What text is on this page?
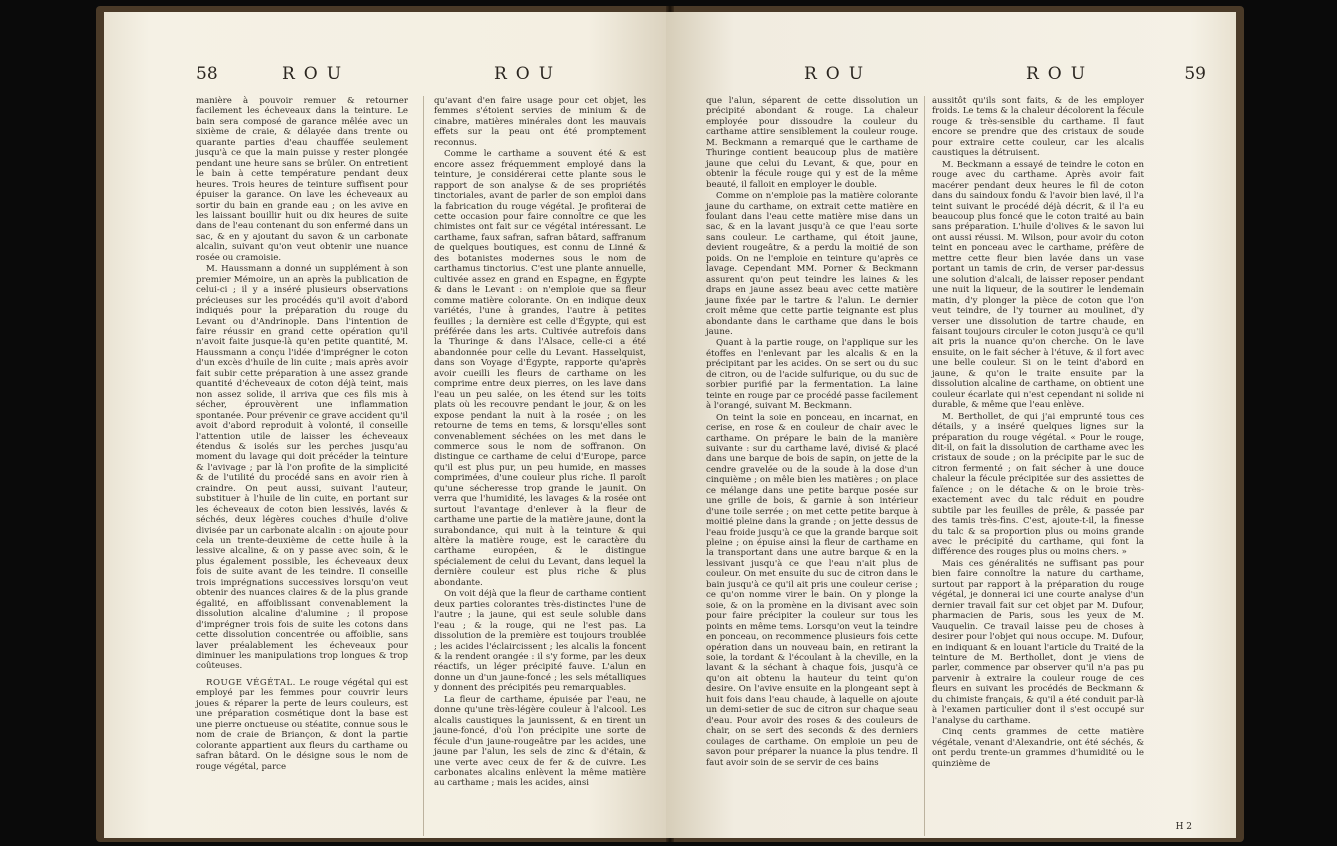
58	ROU	ROU

manière à pouvoir remuer & retourner facilement les écheveaux dans la teinture. Le bain sera composé de garance mêlée avec un sixième de craie, & délayée dans trente ou quarante parties d'eau chauffée seulement jusqu'à ce que la main puisse y rester plongée pendant une heure sans se brûler. On entretient le bain à cette température pendant deux heures. Trois heures de teinture suffisent pour épuiser la garance. On lave les écheveaux au sortir du bain en grande eau ; on les avive en les laissant bouillir huit ou dix heures de suite dans de l'eau contenant du son enfermé dans un sac, & en y ajoutant du savon & un carbonate alcalin, suivant qu'on veut obtenir une nuance rosée ou cramoisie.

M. Haussmann a donné un supplément à son premier Mémoire, un an après la publication de celui-ci ; il y a inséré plusieurs observations précieuses sur les procédés qu'il avoit d'abord indiqués pour la préparation du rouge du Levant ou d'Andrinople. Dans l'intention de faire réussir en grand cette opération qu'il n'avoit faite jusque-là qu'en petite quantité, M. Haussmann a conçu l'idée d'imprégner le coton d'un excès d'huile de lin cuite ; mais après avoir fait subir cette préparation à une assez grande quantité d'écheveaux de coton déjà teint, mais non assez solide, il arriva que ces fils mis à sécher, éprouvèrent une inflammation spontanée. Pour prévenir ce grave accident qu'il avoit d'abord reproduit à volonté, il conseille l'attention utile de laisser les écheveaux étendus & isolés sur les perches jusqu'au moment du lavage qui doit précéder la teinture & l'avivage ; par là l'on profite de la simplicité & de l'utilité du procédé sans en avoir rien à craindre. On peut aussi, suivant l'auteur, substituer à l'huile de lin cuite, en portant sur les écheveaux de coton bien lessivés, lavés & séchés, deux légères couches d'huile d'olive divisée par un carbonate alcalin : on ajoute pour cela un trente-deuxième de cette huile à la lessive alcaline, & on y passe avec soin, & le plus également possible, les écheveaux deux fois de suite avant de les teindre. Il conseille trois imprégnations successives lorsqu'on veut obtenir des nuances claires & de la plus grande égalité, en affoiblissant convenablement la dissolution alcaline d'alumine ; il propose d'imprégner trois fois de suite les cotons dans cette dissolution concentrée ou affoiblie, sans laver préalablement les écheveaux pour diminuer les manipulations trop longues & trop coûteuses.

ROUGE VÉGÉTAL. Le rouge végétal qui est employé par les femmes pour couvrir leurs joues & réparer la perte de leurs couleurs, est une préparation cosmétique dont la base est une pierre onctueuse ou stéatite, connue sous le nom de craie de Briançon, & dont la partie colorante appartient aux fleurs du carthame ou safran bâtard. On le désigne sous le nom de rouge végétal, parce

qu'avant d'en faire usage pour cet objet, les femmes s'étoient servies de minium & de cinabre, matières minérales dont les mauvais effets sur la peau ont été promptement reconnus.

Comme le carthame a souvent été & est encore assez fréquemment employé dans la teinture, je considérerai cette plante sous le rapport de son analyse & de ses propriétés tinctoriales, avant de parler de son emploi dans la fabrication du rouge végétal. Je profiterai de cette occasion pour faire connoître ce que les chimistes ont fait sur ce végétal intéressant. Le carthame, faux safran, safran bâtard, saffranum de quelques boutiques, est connu de Linné & des botanistes modernes sous le nom de carthamus tinctorius. C'est une plante annuelle, cultivée assez en grand en Espagne, en Égypte & dans le Levant : on n'emploie que sa fleur comme matière colorante. On en indique deux variétés, l'une à grandes, l'autre à petites feuilles ; la dernière est celle d'Égypte, qui est préférée dans les arts. Cultivée autrefois dans la Thuringe & dans l'Alsace, celle-ci a été abandonnée pour celle du Levant. Hasselquist, dans son Voyage d'Égypte, rapporte qu'après avoir cueilli les fleurs de carthame on les comprime entre deux pierres, on les lave dans l'eau un peu salée, on les étend sur les toits plats où les recouvre pendant le jour, & on les expose pendant la nuit à la rosée ; on les retourne de tems en tems, & lorsqu'elles sont convenablement séchées on les met dans le commerce sous le nom de soffranon. On distingue ce carthame de celui d'Europe, parce qu'il est plus pur, un peu humide, en masses comprimées, d'une couleur plus riche. Il paroît qu'une sécheresse trop grande le jaunit. On verra que l'humidité, les lavages & la rosée ont surtout l'avantage d'enlever à la fleur de carthame une partie de la matière jaune, dont la surabondance, qui nuit à la teinture & qui altère la matière rouge, est le caractère du carthame européen, & le distingue spécialement de celui du Levant, dans lequel la dernière couleur est plus riche & plus abondante.

On voit déjà que la fleur de carthame contient deux parties colorantes très-distinctes l'une de l'autre ; la jaune, qui est seule soluble dans l'eau ; & la rouge, qui ne l'est pas. La dissolution de la première est toujours troublée ; les acides l'éclaircissent ; les alcalis la foncent & la rendent orangée : il s'y forme, par les deux réactifs, un léger précipité fauve. L'alun en donne un d'un jaune-foncé ; les sels métalliques y donnent des précipités peu remarquables.

La fleur de carthame, épuisée par l'eau, ne donne qu'une très-légère couleur à l'alcool. Les alcalis caustiques la jaunissent, & en tirent un jaune-foncé, d'où l'on précipite une sorte de fécule d'un jaune-rougeâtre par les acides, une jaune par l'alun, les sels de zinc & d'étain, & une verte avec ceux de fer & de cuivre. Les carbonates alcalins enlèvent la même matière au carthame ; mais les acides, ainsi

ROU	ROU	59

que l'alun, séparent de cette dissolution un précipité abondant & rouge. La chaleur employée pour dissoudre la couleur du carthame attire sensiblement la couleur rouge. M. Beckmann a remarqué que le carthame de Thuringe contient beaucoup plus de matière jaune que celui du Levant, & que, pour en obtenir la fécule rouge qui y est de la même beauté, il falloit en employer le double.

Comme on n'emploie pas la matière colorante jaune du carthame, on extrait cette matière en foulant dans l'eau cette matière mise dans un sac, & en la lavant jusqu'à ce que l'eau sorte sans couleur. Le carthame, qui étoit jaune, devient rougeâtre, & a perdu la moitié de son poids. On ne l'emploie en teinture qu'après ce lavage. Cependant MM. Porner & Beckmann assurent qu'on peut teindre les laines & les draps en jaune assez beau avec cette matière jaune fixée par le tartre & l'alun. Le dernier croit même que cette partie teignante est plus abondante dans le carthame que dans le bois jaune.

Quant à la partie rouge, on l'applique sur les étoffes en l'enlevant par les alcalis & en la précipitant par les acides. On se sert ou du suc de citron, ou de l'acide sulfurique, ou du suc de sorbier purifié par la fermentation. La laine teinte en rouge par ce procédé passe facilement à l'orangé, suivant M. Beckmann.

On teint la soie en ponceau, en incarnat, en cerise, en rose & en couleur de chair avec le carthame. On prépare le bain de la manière suivante : sur du carthame lavé, divisé & placé dans une barque de bois de sapin, on jette de la cendre gravelée ou de la soude à la dose d'un cinquième ; on mêle bien les matières ; on place ce mélange dans une petite barque posée sur une grille de bois, & garnie à son intérieur d'une toile serrée ; on met cette petite barque à moitié pleine dans la grande ; on jette dessus de l'eau froide jusqu'à ce que la grande barque soit pleine ; on épuise ainsi la fleur de carthame en la transportant dans une autre barque & en la lessivant jusqu'à ce que l'eau n'ait plus de couleur. On met ensuite du suc de citron dans le bain jusqu'à ce qu'il ait pris une couleur cerise ; ce qu'on nomme virer le bain. On y plonge la soie, & on la promène en la divisant avec soin pour faire précipiter la couleur sur tous les points en même tems. Lorsqu'on veut la teindre en ponceau, on recommence plusieurs fois cette opération dans un nouveau bain, en retirant la soie, la tordant & l'écoulant à la cheville, en la lavant & la séchant à chaque fois, jusqu'à ce qu'on ait obtenu la hauteur du teint qu'on desire. On l'avive ensuite en la plongeant sept à huit fois dans l'eau chaude, à laquelle on ajoute un demi-setier de suc de citron sur chaque seau d'eau. Pour avoir des roses & des couleurs de chair, on se sert des seconds & des derniers coulages de carthame. On emploie un peu de savon pour préparer la nuance la plus tendre. Il faut avoir soin de se servir de ces bains

aussitôt qu'ils sont faits, & de les employer froids. Le tems & la chaleur décolorent la fécule rouge & très-sensible du carthame. Il faut encore se prendre que des cristaux de soude pour extraire cette couleur, car les alcalis caustiques la détruisent.

M. Beckmann a essayé de teindre le coton en rouge avec du carthame. Après avoir fait macérer pendant deux heures le fil de coton dans du saindoux fondu & l'avoir bien lavé, il l'a teint suivant le procédé déjà décrit, & il l'a eu beaucoup plus foncé que le coton traité au bain sans préparation. L'huile d'olives & le savon lui ont aussi réussi. M. Wilson, pour avoir du coton teint en ponceau avec le carthame, préfère de mettre cette fleur bien lavée dans un vase portant un tamis de crin, de verser par-dessus une solution d'alcali, de laisser reposer pendant une nuit la liqueur, de la soutirer le lendemain matin, d'y plonger la pièce de coton que l'on veut teindre, de l'y tourner au moulinet, d'y verser une dissolution de tartre chaude, en faisant toujours circuler le coton jusqu'à ce qu'il ait pris la nuance qu'on cherche. On le lave ensuite, on le fait sécher à l'étuve, & il fort avec une belle couleur. Si on le teint d'abord en jaune, & qu'on le traite ensuite par la dissolution alcaline de carthame, on obtient une couleur écarlate qui n'est cependant ni solide ni durable, & même que l'eau enlève.

M. Berthollet, de qui j'ai emprunté tous ces détails, y a inséré quelques lignes sur la préparation du rouge végétal. « Pour le rouge, dit-il, on fait la dissolution de carthame avec les cristaux de soude ; on la précipite par le suc de citron fermenté ; on fait sécher à une douce chaleur la fécule précipitée sur des assiettes de faïence ; on le détache & on le broie très-exactement avec du talc réduit en poudre subtile par les feuilles de prêle, & passée par des tamis très-fins. C'est, ajoute-t-il, la finesse du talc & sa proportion plus ou moins grande avec le précipité du carthame, qui font la différence des rouges plus ou moins chers. »

Mais ces généralités ne suffisant pas pour bien faire connoître la nature du carthame, surtout par rapport à la préparation du rouge végétal, je donnerai ici une courte analyse d'un dernier travail fait sur cet objet par M. Dufour, pharmacien de Paris, sous les yeux de M. Vauquelin. Ce travail laisse peu de choses à desirer pour l'objet qui nous occupe. M. Dufour, en indiquant & en louant l'article du Traité de la teinture de M. Berthollet, dont je viens de parler, commence par observer qu'il n'a pas pu parvenir à extraire la couleur rouge de ces fleurs en suivant les procédés de Beckmann & du chimiste français, & qu'il a été conduit par-là à l'examen particulier dont il s'est occupé sur l'analyse du carthame.

Cinq cents grammes de cette matière végétale, venant d'Alexandrie, ont été séchés, & ont perdu trente-un grammes d'humidité ou le quinzième de

H 2
